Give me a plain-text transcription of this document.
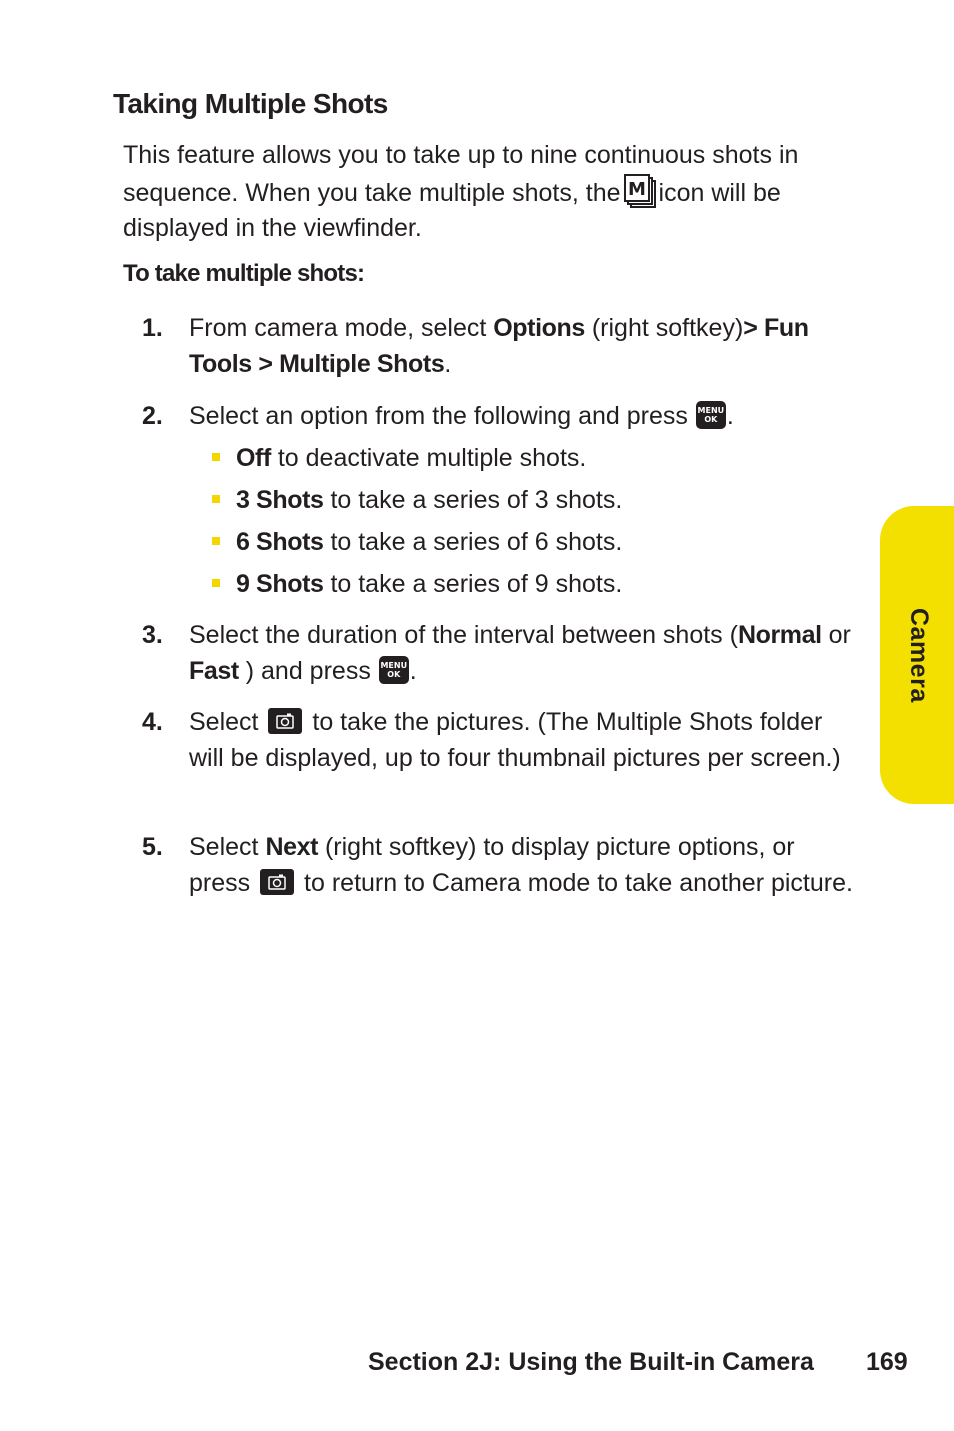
Taking Multiple Shots

This feature allows you to take up to nine continuous shots in sequence. When you take multiple shots, the M icon will be displayed in the viewfinder.

To take multiple shots:

1. From camera mode, select Options (right softkey)> Fun Tools > Multiple Shots.
2. Select an option from the following and press MENU
OK .
Off to deactivate multiple shots.
3 Shots to take a series of 3 shots.
6 Shots to take a series of 6 shots.
9 Shots to take a series of 9 shots.
3. Select the duration of the interval between shots (Normal or Fast ) and press MENU
OK .
4. Select to take the pictures. (The Multiple Shots folder will be displayed, up to four thumbnail pictures per screen.)
5. Select Next (right softkey) to display picture options, or press to return to Camera mode to take another picture.
Camera

Section 2J: Using the Built-in Camera 169
